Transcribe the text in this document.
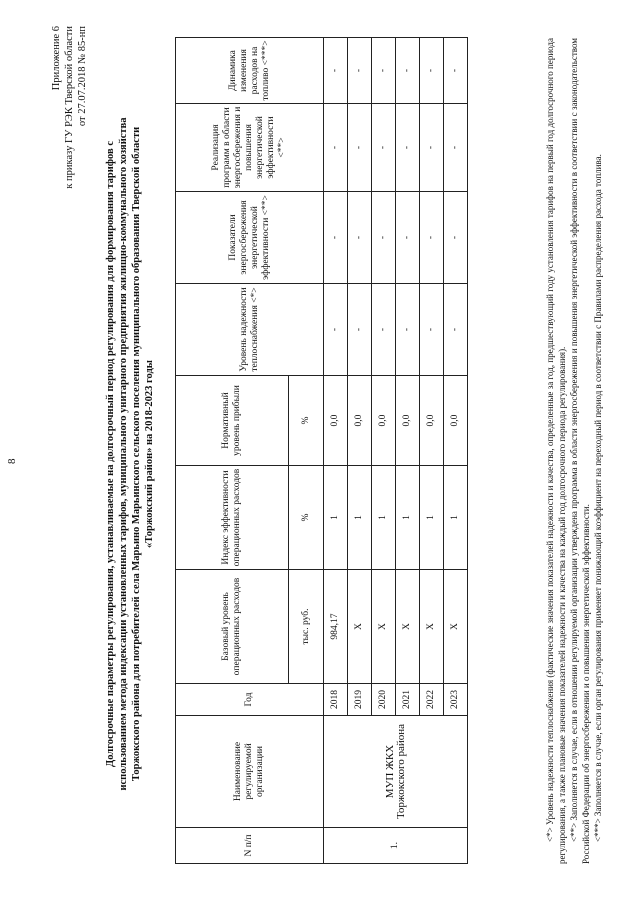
8
Приложение 6 к приказу ГУ РЭК Тверской области от 27.07.2018 № 85-нп
Долгосрочные параметры регулирования, устанавливаемые на долгосрочный период регулирования для формирования тарифов с использованием метода индексации установленных тарифов, муниципального унитарного предприятия жилищно-коммунального хозяйства Торжокского района для потребителей села Марьино Марьинского сельского поселения муниципального образования Тверской области «Торжокский район» на 2018-2023 годы
N п/п	Наименование регулируемой организации	Год	Базовый уровень операционных расходов	Индекс эффективности операционных расходов	Нормативный уровень прибыли	Уровень надежности теплоснабжения <*>	Показатели энергосбережения энергетической эффективности <**>	Реализация программ в области энергосбережения и повышения энергетической эффективности <**>	Динамика изменения расходов на топливо <***>
			тыс. руб.	%	%				
1.	МУП ЖКХ Торжокского района	2018	984,17	1	0,0	-	-	-	-
		2019	Х	1	0,0	-	-	-	-
		2020	Х	1	0,0	-	-	-	-
		2021	Х	1	0,0	-	-	-	-
		2022	Х	1	0,0	-	-	-	-
		2023	Х	1	0,0	-	-	-	-	<*> Уровень надежности теплоснабжения (фактические значения показателей надежности и качества, определенные за год, предшествующий году установления тарифов на первый год долгосрочного периода регулирования, а также плановые значения показателей надежности и качества на каждый год долгосрочного периода регулирования). <**> Заполняется в случае, если в отношении регулируемой организации утверждена программа в области энергосбережения и повышения энергетической эффективности в соответствии с законодательством Российской Федерации об энергосбережении и о повышении энергетической эффективности. <***> Заполняется в случае, если орган регулирования применяет понижающий коэффициент на переходный период в соответствии с Правилами распределения расхода топлива.
